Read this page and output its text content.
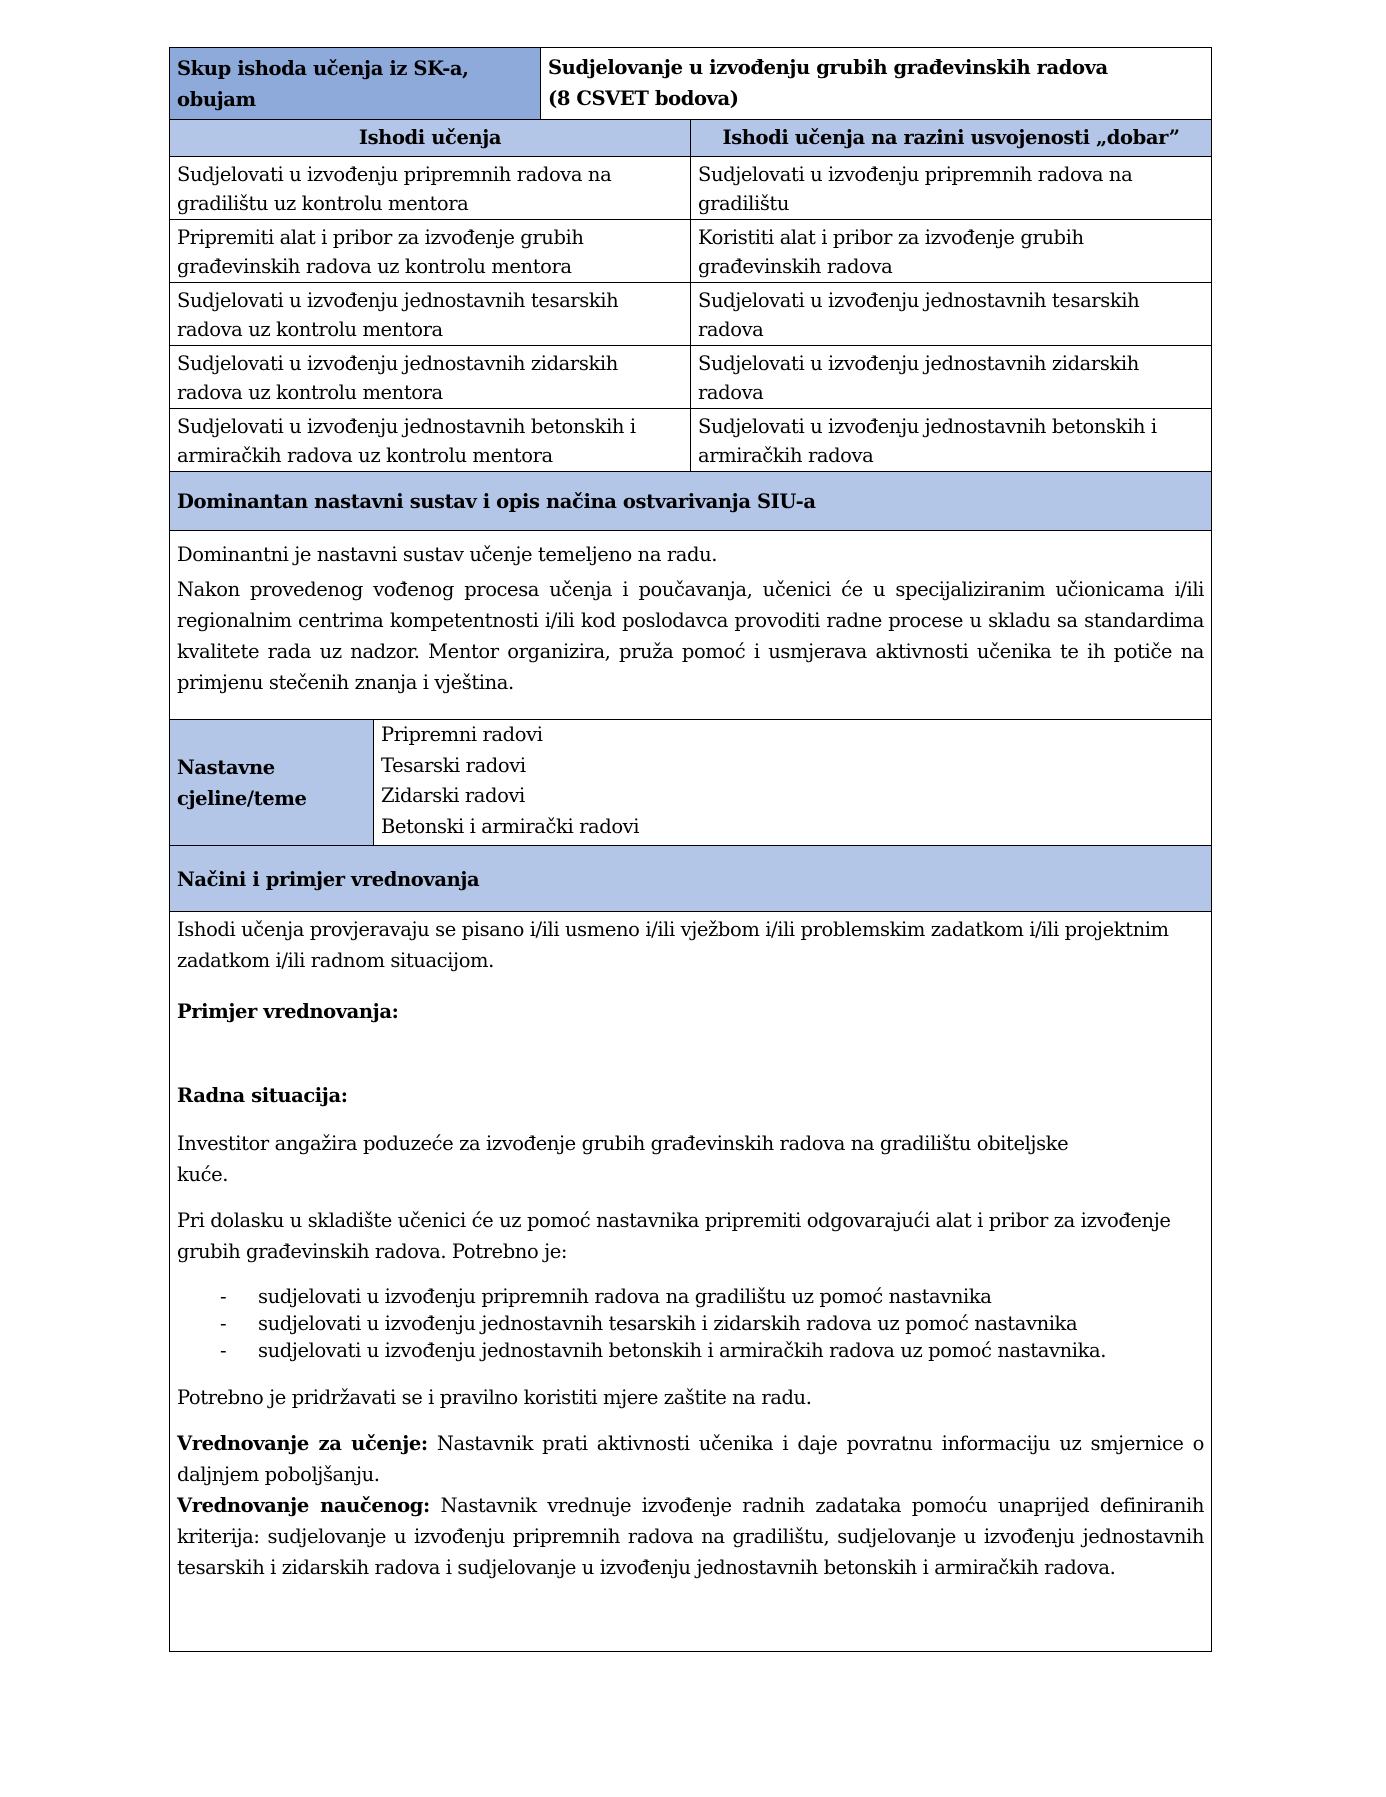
Skup ishoda učenja iz SK-a, obujam
Sudjelovanje u izvođenju grubih građevinskih radova
(8 CSVET bodova)
Ishodi učenja	Ishodi učenja na razini usvojenosti „dobar”
Sudjelovati u izvođenju pripremnih radova na
gradilištu uz kontrolu mentora
Sudjelovati u izvođenju pripremnih radova na
gradilištu
Pripremiti alat i pribor za izvođenje grubih
građevinskih radova uz kontrolu mentora
Koristiti alat i pribor za izvođenje grubih
građevinskih radova
Sudjelovati u izvođenju jednostavnih tesarskih
radova uz kontrolu mentora
Sudjelovati u izvođenju jednostavnih tesarskih
radova
Sudjelovati u izvođenju jednostavnih zidarskih
radova uz kontrolu mentora
Sudjelovati u izvođenju jednostavnih zidarskih
radova
Sudjelovati u izvođenju jednostavnih betonskih i
armiračkih radova uz kontrolu mentora
Sudjelovati u izvođenju jednostavnih betonskih i
armiračkih radova
Dominantan nastavni sustav i opis načina ostvarivanja SIU-a

Dominantni je nastavni sustav učenje temeljeno na radu.

Nakon provedenog vođenog procesa učenja i poučavanja, učenici će u specijaliziranim učionicama i/ili regionalnim centrima kompetentnosti i/ili kod poslodavca provoditi radne procese u skladu sa standardima kvalitete rada uz nadzor. Mentor organizira, pruža pomoć i usmjerava aktivnosti učenika te ih potiče na primjenu stečenih znanja i vještina.

Nastavne
cjeline/teme
Pripremni radovi
Tesarski radovi
Zidarski radovi
Betonski i armirački radovi
Načini i primjer vrednovanja

Ishodi učenja provjeravaju se pisano i/ili usmeno i/ili vježbom i/ili problemskim zadatkom i/ili projektnim zadatkom i/ili radnom situacijom.

Primjer vrednovanja:

Radna situacija:

Investitor angažira poduzeće za izvođenje grubih građevinskih radova na gradilištu obiteljske

kuće.

Pri dolasku u skladište učenici će uz pomoć nastavnika pripremiti odgovarajući alat i pribor za izvođenje

grubih građevinskih radova. Potrebno je:

- sudjelovati u izvođenju pripremnih radova na gradilištu uz pomoć nastavnika
- sudjelovati u izvođenju jednostavnih tesarskih i zidarskih radova uz pomoć nastavnika
- sudjelovati u izvođenju jednostavnih betonskih i armiračkih radova uz pomoć nastavnika.

Potrebno je pridržavati se i pravilno koristiti mjere zaštite na radu.

Vrednovanje za učenje: Nastavnik prati aktivnosti učenika i daje povratnu informaciju uz smjernice o daljnjem poboljšanju.

Vrednovanje naučenog: Nastavnik vrednuje izvođenje radnih zadataka pomoću unaprijed definiranih kriterija: sudjelovanje u izvođenju pripremnih radova na gradilištu, sudjelovanje u izvođenju jednostavnih tesarskih i zidarskih radova i sudjelovanje u izvođenju jednostavnih betonskih i armiračkih radova.
